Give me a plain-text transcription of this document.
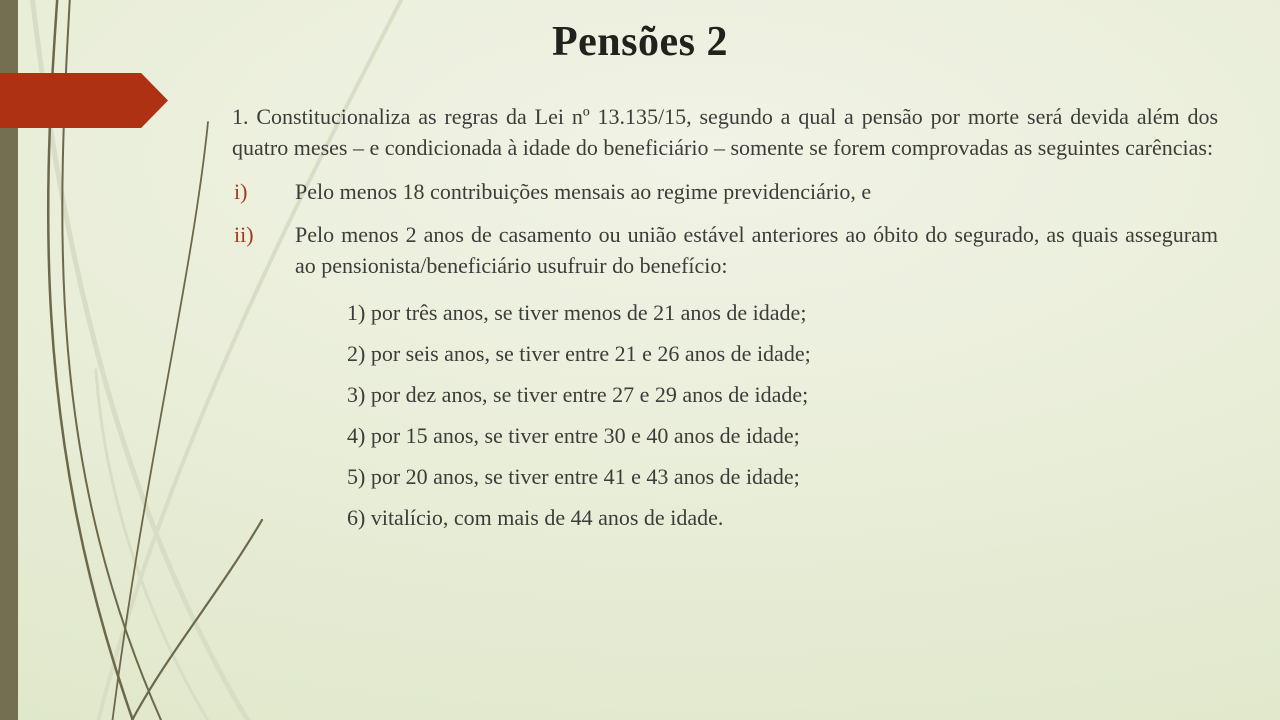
Pensões 2

1. Constitucionaliza as regras da Lei nº 13.135/15, segundo a qual a pensão por morte será devida além dos quatro meses – e condicionada à idade do beneficiário – somente se forem comprovadas as seguintes carências:

i) Pelo menos 18 contribuições mensais ao regime previdenciário, e
ii) Pelo menos 2 anos de casamento ou união estável anteriores ao óbito do segurado, as quais asseguram ao pensionista/beneficiário usufruir do benefício:

1) por três anos, se tiver menos de 21 anos de idade;

2) por seis anos, se tiver entre 21 e 26 anos de idade;

3) por dez anos, se tiver entre 27 e 29 anos de idade;

4) por 15 anos, se tiver entre 30 e 40 anos de idade;

5) por 20 anos, se tiver entre 41 e 43 anos de idade;

6) vitalício, com mais de 44 anos de idade.
